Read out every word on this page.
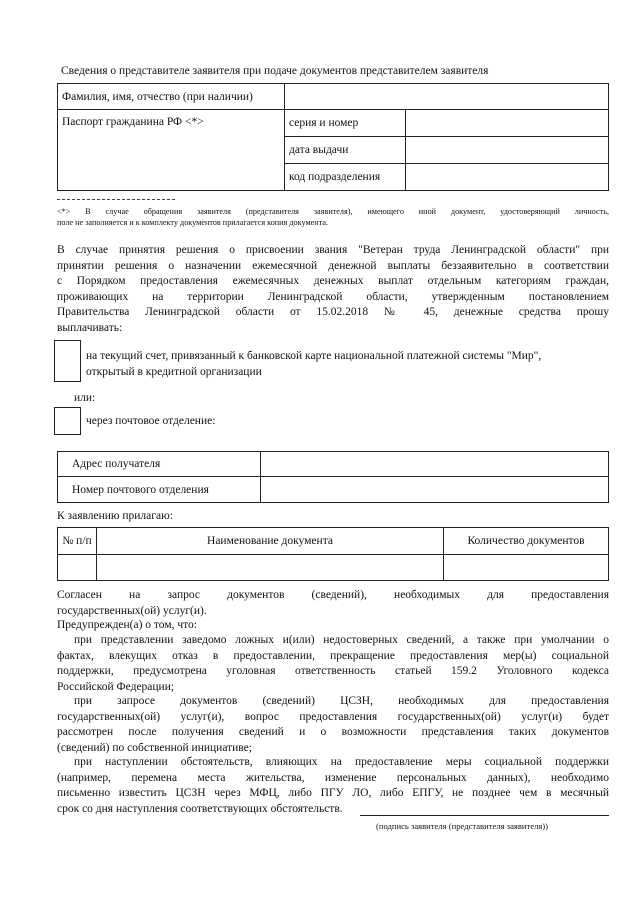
Сведения о представителе заявителя при подаче документов представителем заявителя
Фамилия, имя, отчество (при наличии)		
Паспорт гражданина РФ <*>	серия и номер	
	дата выдачи	
	код подразделения	
<*> В случае обращения заявителя (представителя заявителя), имеющего иной документ, удостоверяющий личность,
поле не заполняется и к комплекту документов прилагается копия документа.
В случае принятия решения о присвоении звания "Ветеран труда Ленинградской области" при
принятии решения о назначении ежемесячной денежной выплаты беззаявительно в соответствии
с Порядком предоставления ежемесячных денежных выплат отдельным категориям граждан,
проживающих на территории Ленинградской области, утвержденным постановлением
Правительства Ленинградской области от 15.02.2018 № 45, денежные средства прошу
выплачивать:
на текущий счет, привязанный к банковской карте национальной платежной системы "Мир",
открытый в кредитной организации
или:
через почтовое отделение:
Адрес получателя	
Номер почтового отделения	
К заявлению прилагаю:
№ п/п	Наименование документа	Количество документов

Согласен на запрос документов (сведений), необходимых для предоставления
государственных(ой) услуг(и).
Предупрежден(а) о том, что:
при представлении заведомо ложных и(или) недостоверных сведений, а также при умолчании о
фактах, влекущих отказ в предоставлении, прекращение предоставления мер(ы) социальной
поддержки, предусмотрена уголовная ответственность статьей 159.2 Уголовного кодекса
Российской Федерации;
при запросе документов (сведений) ЦСЗН, необходимых для предоставления
государственных(ой) услуг(и), вопрос предоставления государственных(ой) услуг(и) будет
рассмотрен после получения сведений и о возможности представления таких документов
(сведений) по собственной инициативе;
при наступлении обстоятельств, влияющих на предоставление меры социальной поддержки
(например, перемена места жительства, изменение персональных данных), необходимо
письменно известить ЦСЗН через МФЦ, либо ПГУ ЛО, либо ЕПГУ, не позднее чем в месячный
срок со дня наступления соответствующих обстоятельств.
(подпись заявителя (представителя заявителя))
